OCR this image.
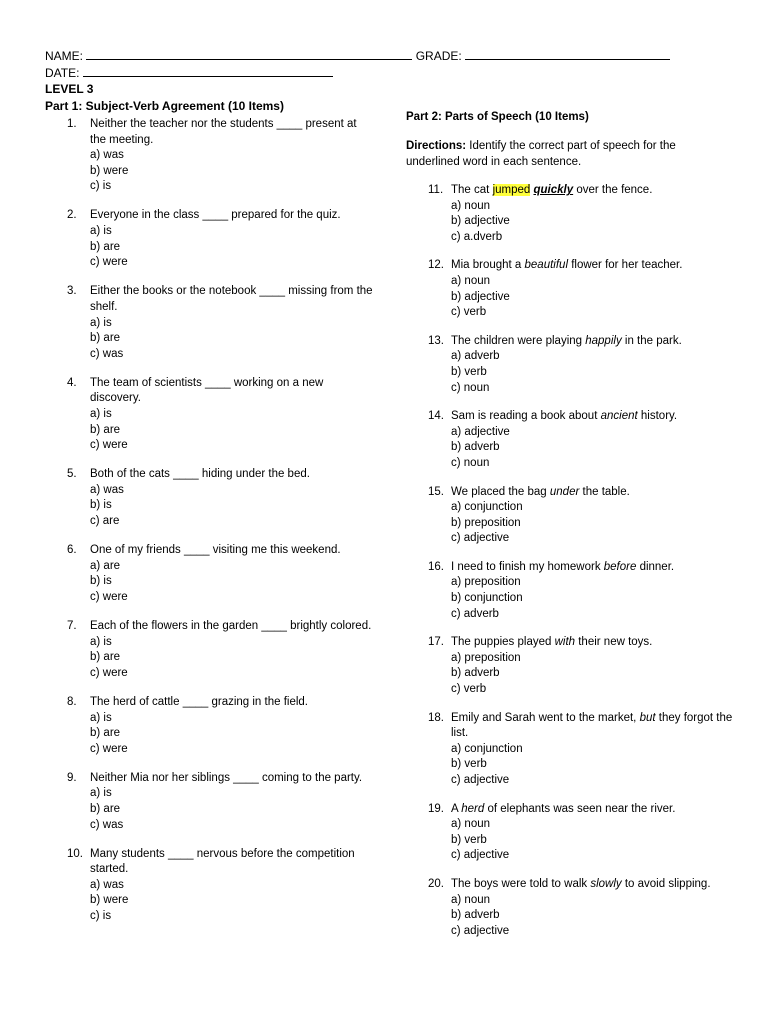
NAME:	GRADE:
DATE:
LEVEL 3
Part 1: Subject-Verb Agreement (10 Items)
1. Neither the teacher nor the students ____ present at the meeting.
a) was
b) were
c) is
2. Everyone in the class ____ prepared for the quiz.
a) is
b) are
c) were
3. Either the books or the notebook ____ missing from the shelf.
a) is
b) are
c) was
4. The team of scientists ____ working on a new discovery.
a) is
b) are
c) were
5. Both of the cats ____ hiding under the bed.
a) was
b) is
c) are
6. One of my friends ____ visiting me this weekend.
a) are
b) is
c) were
7. Each of the flowers in the garden ____ brightly colored.
a) is
b) are
c) were
8. The herd of cattle ____ grazing in the field.
a) is
b) are
c) were
9. Neither Mia nor her siblings ____ coming to the party.
a) is
b) are
c) was
10. Many students ____ nervous before the competition started.
a) was
b) were
c) is
Part 2: Parts of Speech (10 Items)
Directions: Identify the correct part of speech for the underlined word in each sentence.
11. The cat jumped quickly over the fence.
a) noun
b) adjective
c) a.dverb
12. Mia brought a beautiful flower for her teacher.
a) noun
b) adjective
c) verb
13. The children were playing happily in the park.
a) adverb
b) verb
c) noun
14. Sam is reading a book about ancient history.
a) adjective
b) adverb
c) noun
15. We placed the bag under the table.
a) conjunction
b) preposition
c) adjective
16. I need to finish my homework before dinner.
a) preposition
b) conjunction
c) adverb
17. The puppies played with their new toys.
a) preposition
b) adverb
c) verb
18. Emily and Sarah went to the market, but they forgot the list.
a) conjunction
b) verb
c) adjective
19. A herd of elephants was seen near the river.
a) noun
b) verb
c) adjective
20. The boys were told to walk slowly to avoid slipping.
a) noun
b) adverb
c) adjective
